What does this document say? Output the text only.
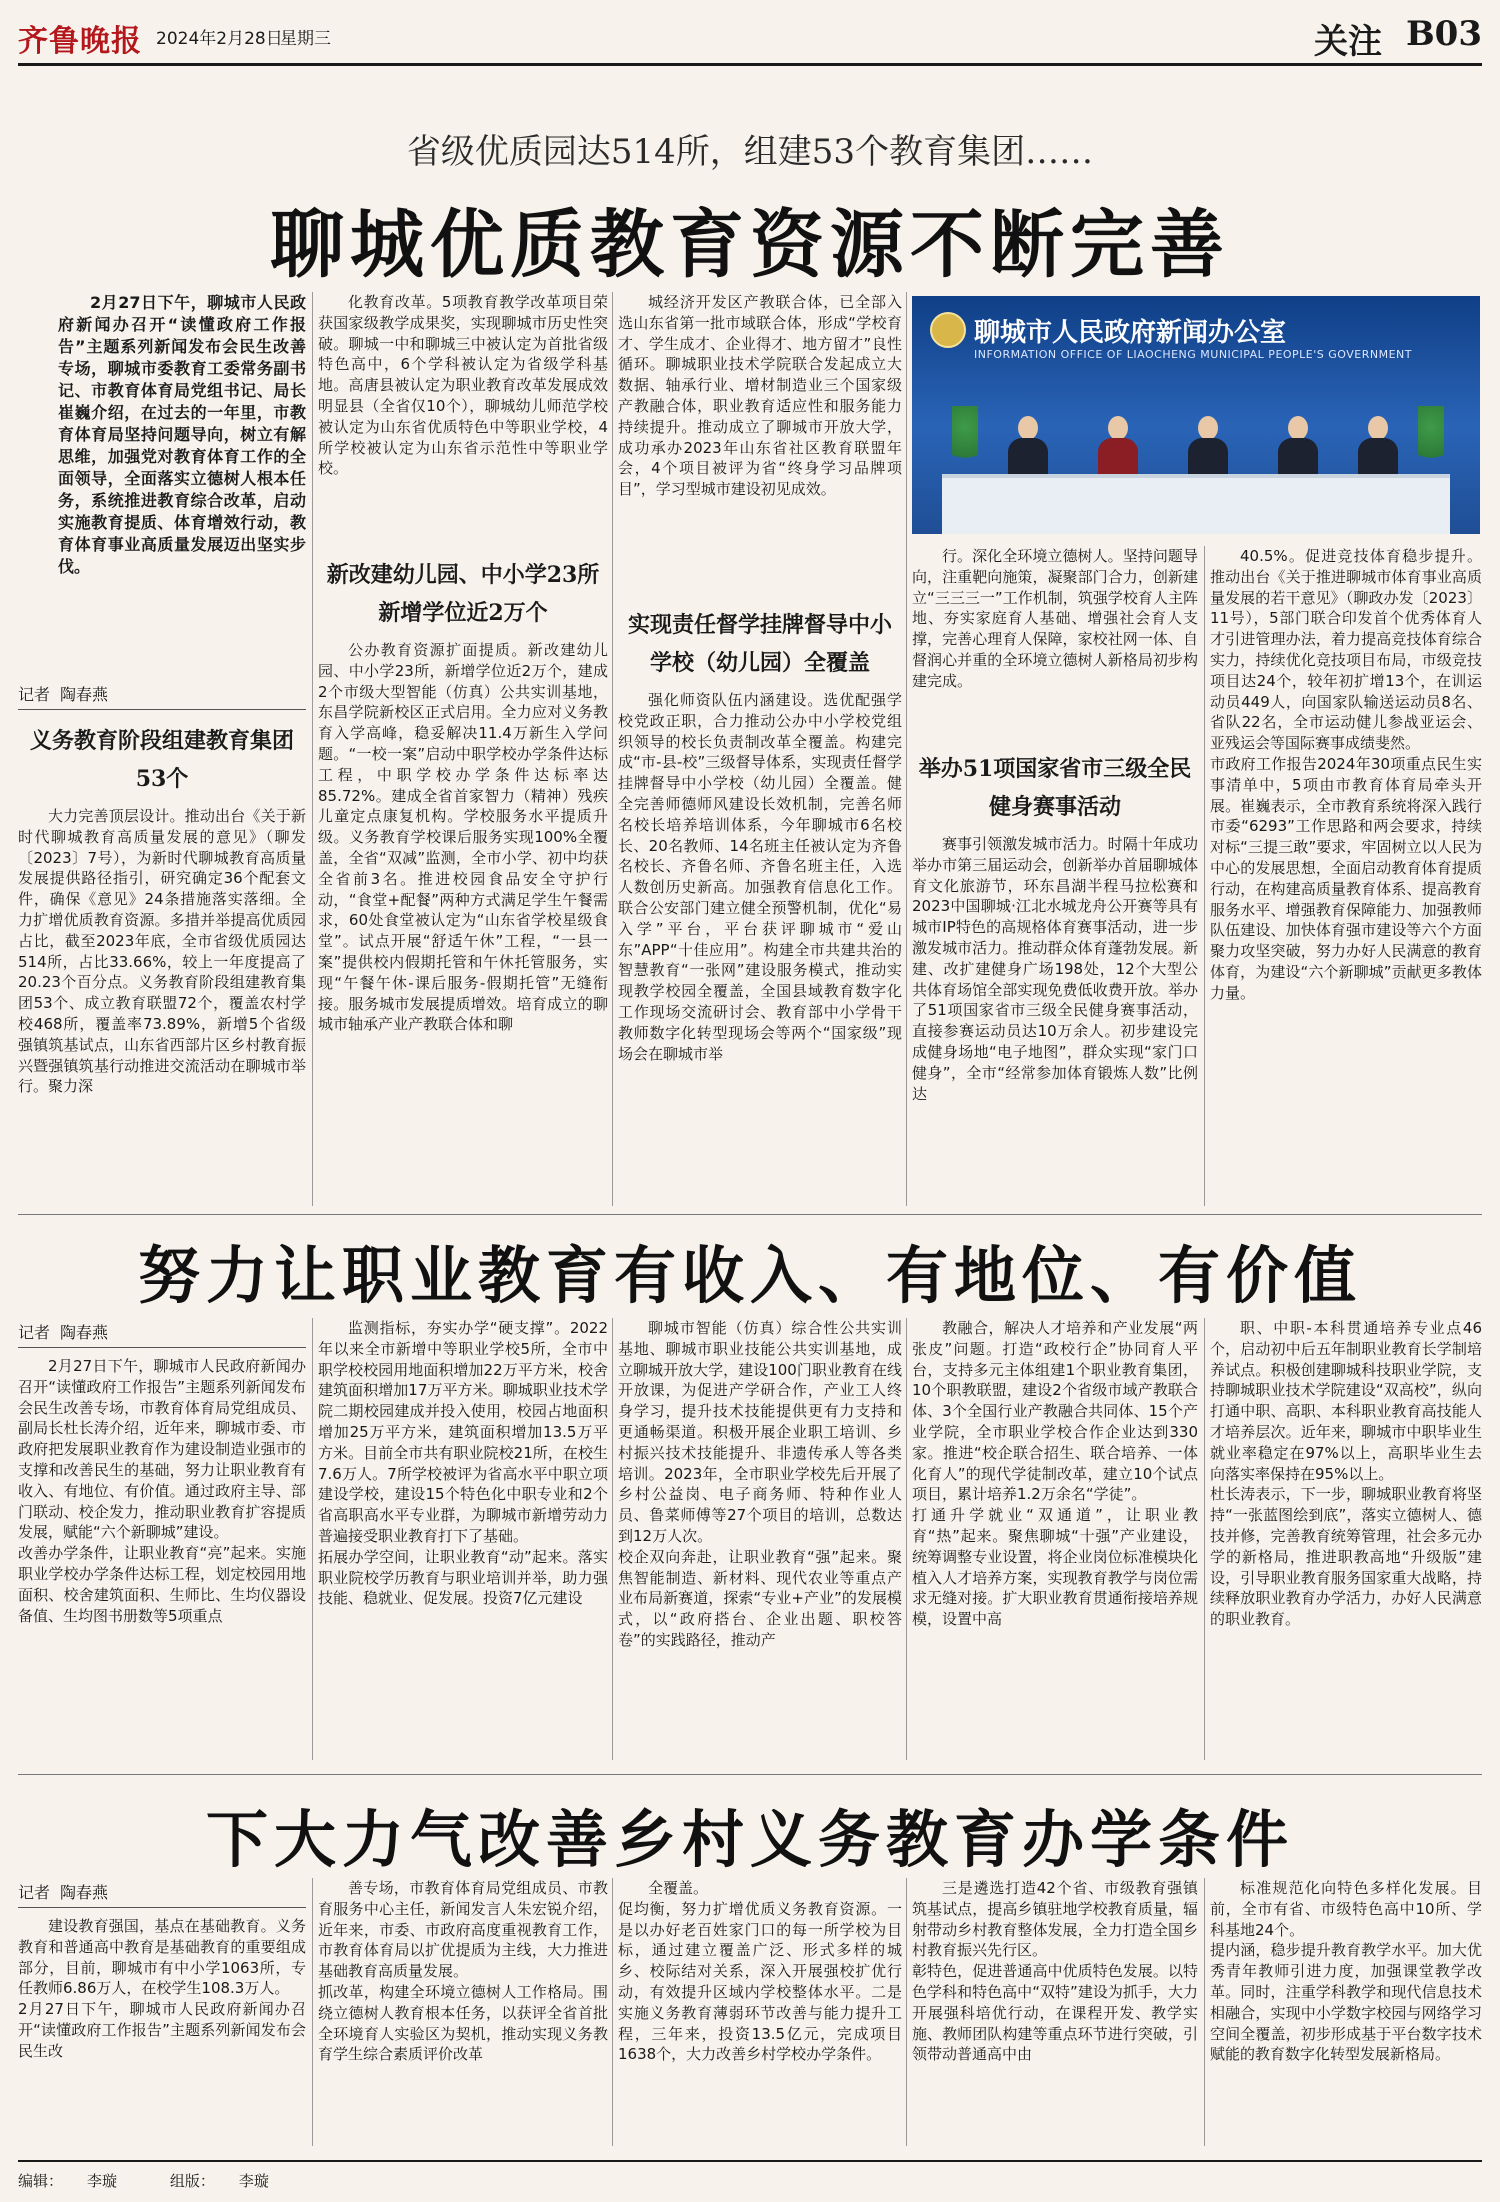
齐鲁晚报 2024年2月28日
星期三	关注 B03
省级优质园达514所，组建53个教育集团……
聊城优质教育资源不断完善

2月27日下午，聊城市人民政府新闻办召开“读懂政府工作报告”主题系列新闻发布会民生改善专场，聊城市委教育工委常务副书记、市教育体育局党组书记、局长崔巍介绍，在过去的一年里，市教育体育局坚持问题导向，树立有解思维，加强党对教育体育工作的全面领导，全面落实立德树人根本任务，系统推进教育综合改革，启动实施教育提质、体育增效行动，教育体育事业高质量发展迈出坚实步伐。

记者 陶春燕
义务教育阶段组建教育集团53个

大力完善顶层设计。推动出台《关于新时代聊城教育高质量发展的意见》（聊发〔2023〕7号），为新时代聊城教育高质量发展提供路径指引，研究确定36个配套文件，确保《意见》24条措施落实落细。全力扩增优质教育资源。多措并举提高优质园占比，截至2023年底，全市省级优质园达514所，占比33.66%，较上一年度提高了20.23个百分点。义务教育阶段组建教育集团53个、成立教育联盟72个，覆盖农村学校468所，覆盖率73.89%，新增5个省级强镇筑基试点，山东省西部片区乡村教育振兴暨强镇筑基行动推进交流活动在聊城市举行。聚力深

化教育改革。5项教育教学改革项目荣获国家级教学成果奖，实现聊城市历史性突破。聊城一中和聊城三中被认定为首批省级特色高中，6个学科被认定为省级学科基地。高唐县被认定为职业教育改革发展成效明显县（全省仅10个），聊城幼儿师范学校被认定为山东省优质特色中等职业学校，4所学校被认定为山东省示范性中等职业学校。

新改建幼儿园、中小学23所新增学位近2万个

公办教育资源扩面提质。新改建幼儿园、中小学23所，新增学位近2万个，建成2个市级大型智能（仿真）公共实训基地，东昌学院新校区正式启用。全力应对义务教育入学高峰，稳妥解决11.4万新生入学问题。“一校一案”启动中职学校办学条件达标工程，中职学校办学条件达标率达85.72%。建成全省首家智力（精神）残疾儿童定点康复机构。学校服务水平提质升级。义务教育学校课后服务实现100%全覆盖，全省“双减”监测，全市小学、初中均获全省前3名。推进校园食品安全守护行动，“食堂+配餐”两种方式满足学生午餐需求，60处食堂被认定为“山东省学校星级食堂”。试点开展“舒适午休”工程，“一县一案”提供校内假期托管和午休托管服务，实现“午餐午休-课后服务-假期托管”无缝衔接。服务城市发展提质增效。培育成立的聊城市轴承产业产教联合体和聊

城经济开发区产教联合体，已全部入选山东省第一批市域联合体，形成“学校育才、学生成才、企业得才、地方留才”良性循环。聊城职业技术学院联合发起成立大数据、轴承行业、增材制造业三个国家级产教融合体，职业教育适应性和服务能力持续提升。推动成立了聊城市开放大学，成功承办2023年山东省社区教育联盟年会，4个项目被评为省“终身学习品牌项目”，学习型城市建设初见成效。

实现责任督学挂牌督导中小学校（幼儿园）全覆盖

强化师资队伍内涵建设。选优配强学校党政正职，合力推动公办中小学校党组织领导的校长负责制改革全覆盖。构建完成“市-县-校”三级督导体系，实现责任督学挂牌督导中小学校（幼儿园）全覆盖。健全完善师德师风建设长效机制，完善名师名校长培养培训体系，今年聊城市6名校长、20名教师、14名班主任被认定为齐鲁名校长、齐鲁名师、齐鲁名班主任，入选人数创历史新高。加强教育信息化工作。联合公安部门建立健全预警机制，优化“易入学”平台，平台获评聊城市“爱山东”APP“十佳应用”。构建全市共建共治的智慧教育“一张网”建设服务模式，推动实现教学校园全覆盖，全国县域教育数字化工作现场交流研讨会、教育部中小学骨干教师数字化转型现场会等两个“国家级”现场会在聊城市举

聊城市人民政府新闻办公室
INFORMATION OFFICE OF LIAOCHENG MUNICIPAL PEOPLE'S GOVERNMENT

行。深化全环境立德树人。坚持问题导向，注重靶向施策，凝聚部门合力，创新建立“三三三一”工作机制，筑强学校育人主阵地、夯实家庭育人基础、增强社会育人支撑，完善心理育人保障，家校社网一体、自督润心并重的全环境立德树人新格局初步构建完成。

举办51项国家省市三级全民健身赛事活动

赛事引领激发城市活力。时隔十年成功举办市第三届运动会，创新举办首届聊城体育文化旅游节，环东昌湖半程马拉松赛和2023中国聊城·江北水城龙舟公开赛等具有城市IP特色的高规格体育赛事活动，进一步激发城市活力。推动群众体育蓬勃发展。新建、改扩建健身广场198处，12个大型公共体育场馆全部实现免费低收费开放。举办了51项国家省市三级全民健身赛事活动，直接参赛运动员达10万余人。初步建设完成健身场地“电子地图”，群众实现“家门口健身”，全市“经常参加体育锻炼人数”比例达

40.5%。促进竞技体育稳步提升。推动出台《关于推进聊城市体育事业高质量发展的若干意见》（聊政办发〔2023〕11号），5部门联合印发首个优秀体育人才引进管理办法，着力提高竞技体育综合实力，持续优化竞技项目布局，市级竞技项目达24个，较年初扩增13个，在训运动员449人，向国家队输送运动员8名、省队22名，全市运动健儿参战亚运会、亚残运会等国际赛事成绩斐然。
市政府工作报告2024年30项重点民生实事清单中，5项由市教育体育局牵头开展。崔巍表示，全市教育系统将深入践行市委“6293”工作思路和两会要求，持续对标“三提三敢”要求，牢固树立以人民为中心的发展思想，全面启动教育体育提质行动，在构建高质量教育体系、提高教育服务水平、增强教育保障能力、加强教师队伍建设、加快体育强市建设等六个方面聚力攻坚突破，努力办好人民满意的教育体育，为建设“六个新聊城”贡献更多教体力量。

努力让职业教育有收入、有地位、有价值
记者 陶春燕

2月27日下午，聊城市人民政府新闻办召开“读懂政府工作报告”主题系列新闻发布会民生改善专场，市教育体育局党组成员、副局长杜长涛介绍，近年来，聊城市委、市政府把发展职业教育作为建设制造业强市的支撑和改善民生的基础，努力让职业教育有收入、有地位、有价值。通过政府主导、部门联动、校企发力，推动职业教育扩容提质发展，赋能“六个新聊城”建设。
改善办学条件，让职业教育“亮”起来。实施职业学校办学条件达标工程，划定校园用地面积、校舍建筑面积、生师比、生均仪器设备值、生均图书册数等5项重点

监测指标，夯实办学“硬支撑”。2022年以来全市新增中等职业学校5所，全市中职学校校园用地面积增加22万平方米，校舍建筑面积增加17万平方米。聊城职业技术学院二期校园建成并投入使用，校园占地面积增加25万平方米，建筑面积增加13.5万平方米。目前全市共有职业院校21所，在校生7.6万人。7所学校被评为省高水平中职立项建设学校，建设15个特色化中职专业和2个省高职高水平专业群，为聊城市新增劳动力普遍接受职业教育打下了基础。
拓展办学空间，让职业教育“动”起来。落实职业院校学历教育与职业培训并举，助力强技能、稳就业、促发展。投资7亿元建设

聊城市智能（仿真）综合性公共实训基地、聊城市职业技能公共实训基地，成立聊城开放大学，建设100门职业教育在线开放课，为促进产学研合作，产业工人终身学习，提升技术技能提供更有力支持和更通畅渠道。积极开展企业职工培训、乡村振兴技术技能提升、非遗传承人等各类培训。2023年，全市职业学校先后开展了乡村公益岗、电子商务师、特种作业人员、鲁菜师傅等27个项目的培训，总数达到12万人次。
校企双向奔赴，让职业教育“强”起来。聚焦智能制造、新材料、现代农业等重点产业布局新赛道，探索“专业+产业”的发展模式，以“政府搭台、企业出题、职校答卷”的实践路径，推动产

教融合，解决人才培养和产业发展“两张皮”问题。打造“政校行企”协同育人平台，支持多元主体组建1个职业教育集团，10个职教联盟，建设2个省级市域产教联合体、3个全国行业产教融合共同体、15个产业学院，全市职业学校合作企业达到330家。推进“校企联合招生、联合培养、一体化育人”的现代学徒制改革，建立10个试点项目，累计培养1.2万余名“学徒”。
打通升学就业“双通道”，让职业教育“热”起来。聚焦聊城“十强”产业建设，统筹调整专业设置，将企业岗位标准模块化植入人才培养方案，实现教育教学与岗位需求无缝对接。扩大职业教育贯通衔接培养规模，设置中高

职、中职-本科贯通培养专业点46个，启动初中后五年制职业教育长学制培养试点。积极创建聊城科技职业学院，支持聊城职业技术学院建设“双高校”，纵向打通中职、高职、本科职业教育高技能人才培养层次。近年来，聊城市中职毕业生就业率稳定在97%以上，高职毕业生去向落实率保持在95%以上。
杜长涛表示，下一步，聊城职业教育将坚持“一张蓝图绘到底”，落实立德树人、德技并修，完善教育统筹管理，社会多元办学的新格局，推进职教高地“升级版”建设，引导职业教育服务国家重大战略，持续释放职业教育办学活力，办好人民满意的职业教育。

下大力气改善乡村义务教育办学条件
记者 陶春燕

建设教育强国，基点在基础教育。义务教育和普通高中教育是基础教育的重要组成部分，目前，聊城市有中小学1063所，专任教师6.86万人，在校学生108.3万人。
2月27日下午，聊城市人民政府新闻办召开“读懂政府工作报告”主题系列新闻发布会民生改

善专场，市教育体育局党组成员、市教育服务中心主任，新闻发言人朱宏锐介绍，近年来，市委、市政府高度重视教育工作，市教育体育局以扩优提质为主线，大力推进基础教育高质量发展。
抓改革，构建全环境立德树人工作格局。围绕立德树人教育根本任务，以获评全省首批全环境育人实验区为契机，推动实现义务教育学生综合素质评价改革

全覆盖。
促均衡，努力扩增优质义务教育资源。一是以办好老百姓家门口的每一所学校为目标，通过建立覆盖广泛、形式多样的城乡、校际结对关系，深入开展强校扩优行动，有效提升区域内学校整体水平。二是实施义务教育薄弱环节改善与能力提升工程，三年来，投资13.5亿元，完成项目1638个，大力改善乡村学校办学条件。

三是遴选打造42个省、市级教育强镇筑基试点，提高乡镇驻地学校教育质量，辐射带动乡村教育整体发展，全力打造全国乡村教育振兴先行区。
彰特色，促进普通高中优质特色发展。以特色学科和特色高中“双特”建设为抓手，大力开展强科培优行动，在课程开发、教学实施、教师团队构建等重点环节进行突破，引领带动普通高中由

标准规范化向特色多样化发展。目前，全市有省、市级特色高中10所、学科基地24个。
提内涵，稳步提升教育教学水平。加大优秀青年教师引进力度，加强课堂教学改革。同时，注重学科教学和现代信息技术相融合，实现中小学数字校园与网络学习空间全覆盖，初步形成基于平台数字技术赋能的教育数字化转型发展新格局。

编辑： 李璇	组版： 李璇
